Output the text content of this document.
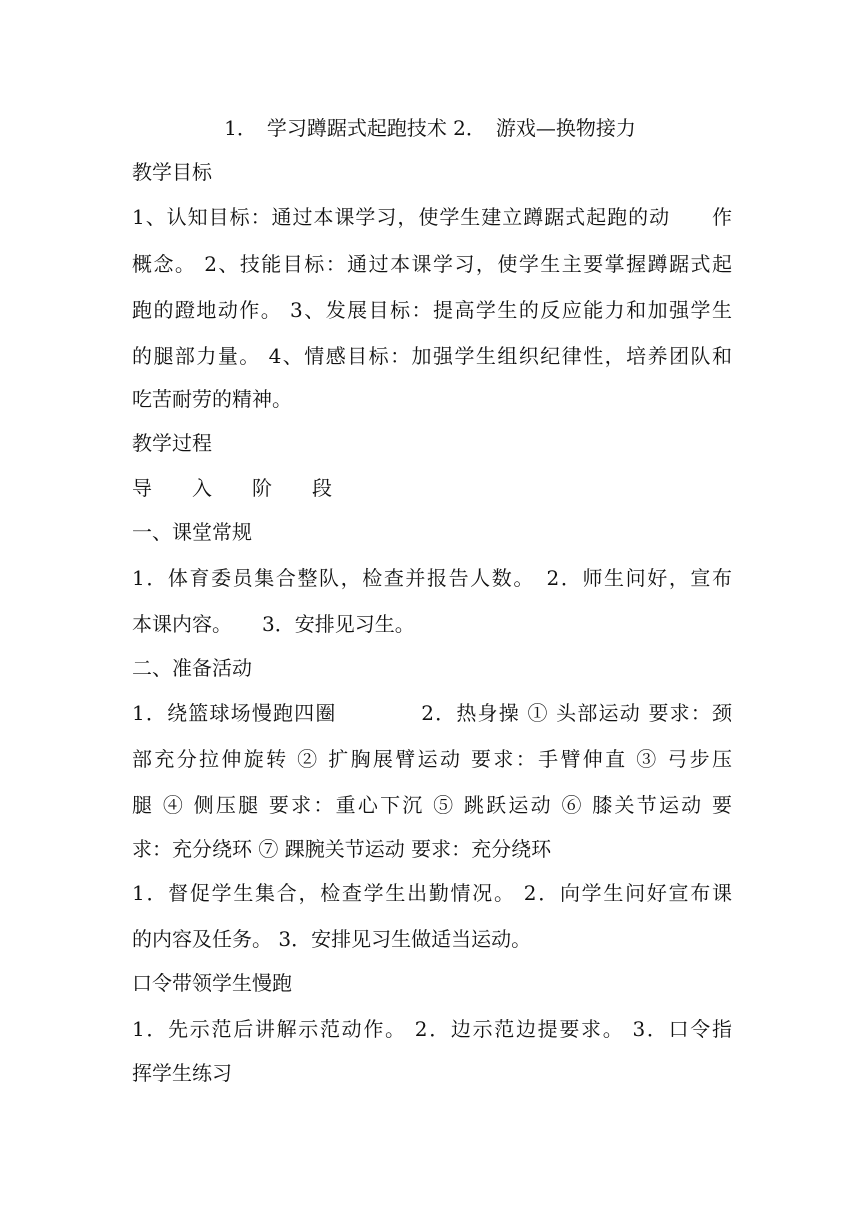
1．　学习蹲踞式起跑技术 2．　游戏—换物接力
教学目标
1、认知目标：通过本课学习，使学生建立蹲踞式起跑的动　　作
概念。 2、技能目标：通过本课学习，使学生主要掌握蹲踞式起
跑的蹬地动作。 3、发展目标：提高学生的反应能力和加强学生
的腿部力量。 4、情感目标：加强学生组织纪律性，培养团队和
吃苦耐劳的精神。
教学过程
导　　入　　阶　　段
一、课堂常规
1．体育委员集合整队，检查并报告人数。　2．师生问好，宣布
本课内容。　　3．安排见习生。
二、准备活动
1．绕篮球场慢跑四圈　　　　2．热身操 ① 头部运动 要求：颈
部充分拉伸旋转 ② 扩胸展臂运动 要求：手臂伸直 ③ 弓步压
腿 ④ 侧压腿 要求：重心下沉 ⑤ 跳跃运动 ⑥ 膝关节运动 要
求：充分绕环 ⑦ 踝腕关节运动 要求：充分绕环
1．督促学生集合，检查学生出勤情况。 2．向学生问好宣布课
的内容及任务。 3．安排见习生做适当运动。
口令带领学生慢跑
1．先示范后讲解示范动作。 2．边示范边提要求。 3．口令指
挥学生练习
